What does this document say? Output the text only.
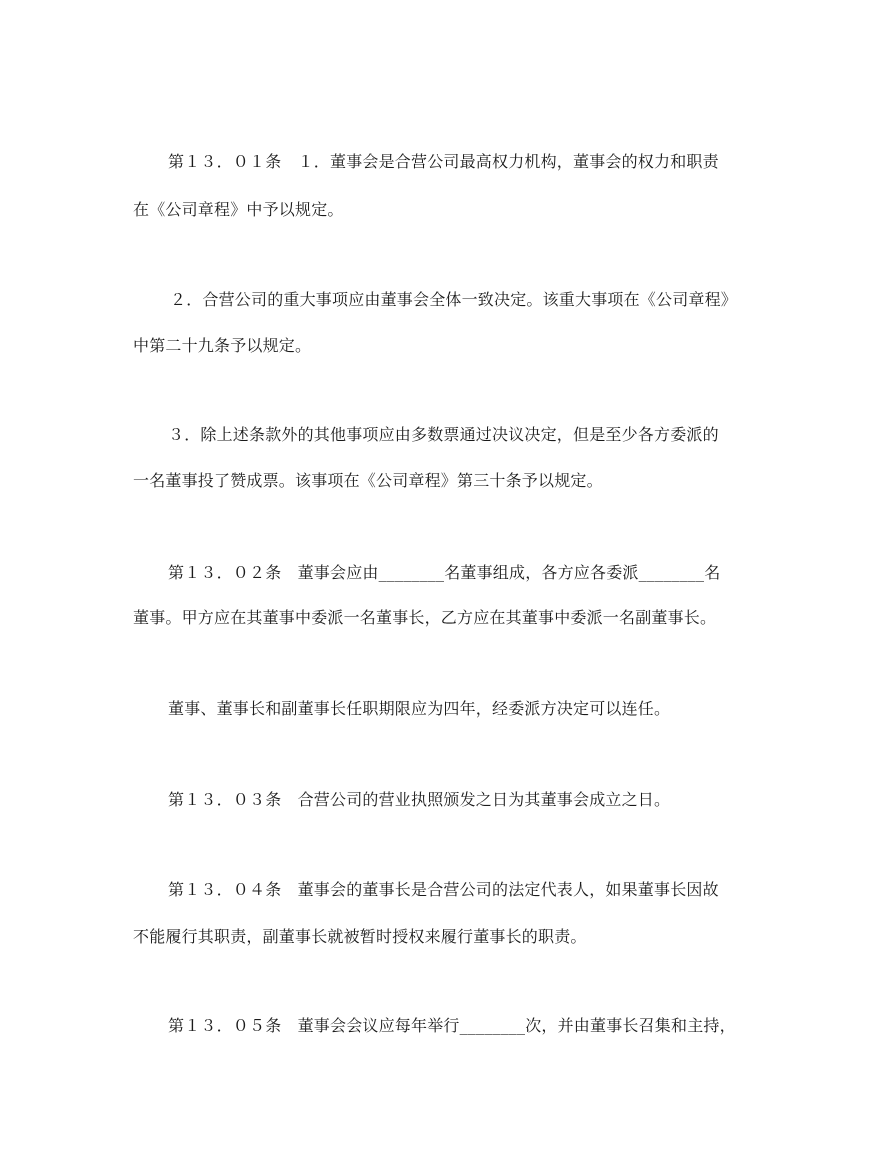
第１３．０１条　１．董事会是合营公司最高权力机构，董事会的权力和职责
在《公司章程》中予以规定。
２．合营公司的重大事项应由董事会全体一致决定。该重大事项在《公司章程》
中第二十九条予以规定。
３．除上述条款外的其他事项应由多数票通过决议决定，但是至少各方委派的
一名董事投了赞成票。该事项在《公司章程》第三十条予以规定。
第１３．０２条　董事会应由________名董事组成，各方应各委派________名
董事。甲方应在其董事中委派一名董事长，乙方应在其董事中委派一名副董事长。
董事、董事长和副董事长任职期限应为四年，经委派方决定可以连任。
第１３．０３条　合营公司的营业执照颁发之日为其董事会成立之日。
第１３．０４条　董事会的董事长是合营公司的法定代表人，如果董事长因故
不能履行其职责，副董事长就被暂时授权来履行董事长的职责。
第１３．０５条　董事会会议应每年举行________次，并由董事长召集和主持，
